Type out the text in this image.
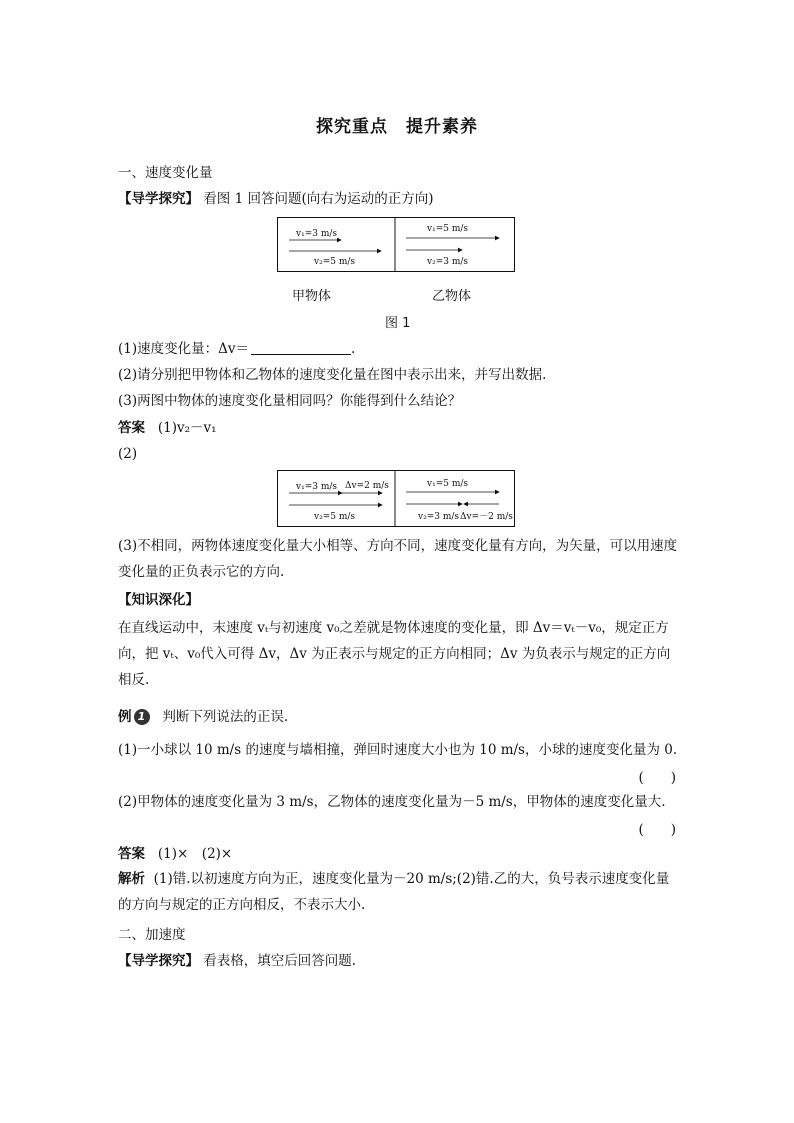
探究重点　提升素养
一、速度变化量
【导学探究】 看图 1 回答问题(向右为运动的正方向)
v₁=3 m/s
v₂=5 m/s
v₁=5 m/s
v₂=3 m/s
甲物体	乙物体
图 1
(1)速度变化量：Δv＝	.
(2)请分别把甲物体和乙物体的速度变化量在图中表示出来，并写出数据.
(3)两图中物体的速度变化量相同吗？你能得到什么结论？
答案 (1)v₂－v₁
(2)
v₁=3 m/s Δv=2 m/s
v₂=5 m/s
v₁=5 m/s
v₂=3 m/s Δv=－2 m/s
(3)不相同，两物体速度变化量大小相等、方向不同，速度变化量有方向，为矢量，可以用速度变化量的正负表示它的方向.
【知识深化】
在直线运动中，末速度 vₜ与初速度 v₀之差就是物体速度的变化量，即 Δv＝vₜ－v₀，规定正方向，把 vₜ、v₀代入可得 Δv，Δv 为正表示与规定的正方向相同；Δv 为负表示与规定的正方向相反.
例 1 判断下列说法的正误.
(1)一小球以 10 m/s 的速度与墙相撞，弹回时速度大小也为 10 m/s，小球的速度变化量为 0.
(　　)
(2)甲物体的速度变化量为 3 m/s，乙物体的速度变化量为－5 m/s，甲物体的速度变化量大.
(　　)
答案 (1)×　(2)×
解析 (1)错.以初速度方向为正，速度变化量为－20 m/s;(2)错.乙的大，负号表示速度变化量的方向与规定的正方向相反，不表示大小.
二、加速度
【导学探究】 看表格，填空后回答问题.
